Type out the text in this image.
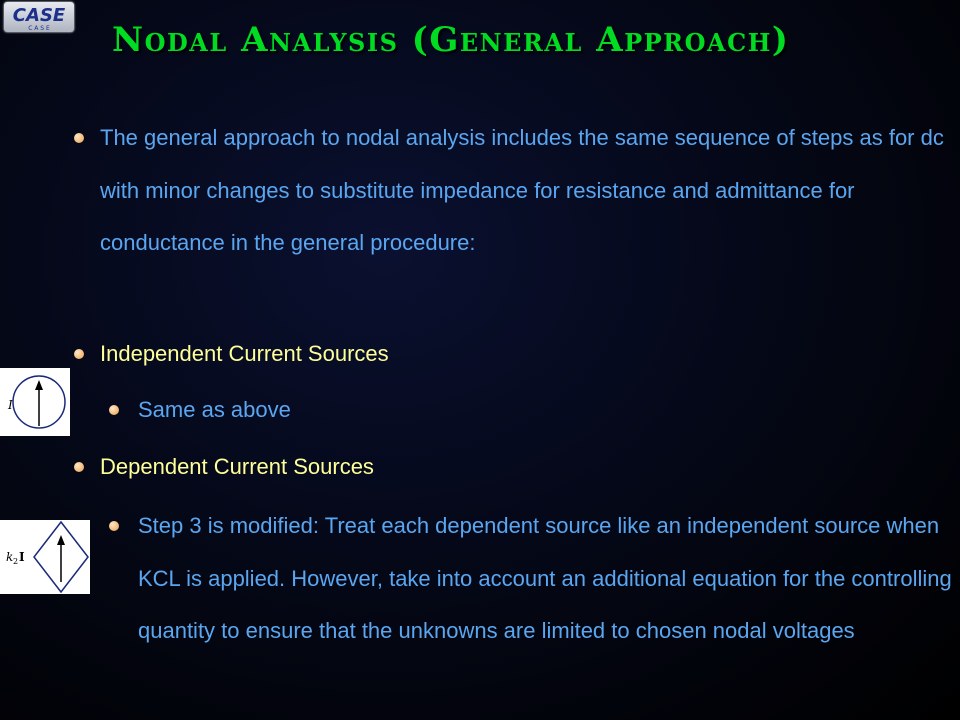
CASE
C A S E Nodal Analysis (General Approach)
The general approach to nodal analysis includes the same sequence of steps as for dc with minor changes to substitute impedance for resistance and admittance for conductance in the general procedure:
Independent Current Sources
Same as above
Dependent Current Sources
Step 3 is modified: Treat each dependent source like an independent source when KCL is applied. However, take into account an additional equation for the controlling quantity to ensure that the unknowns are limited to chosen nodal voltages
I
k 2 I
